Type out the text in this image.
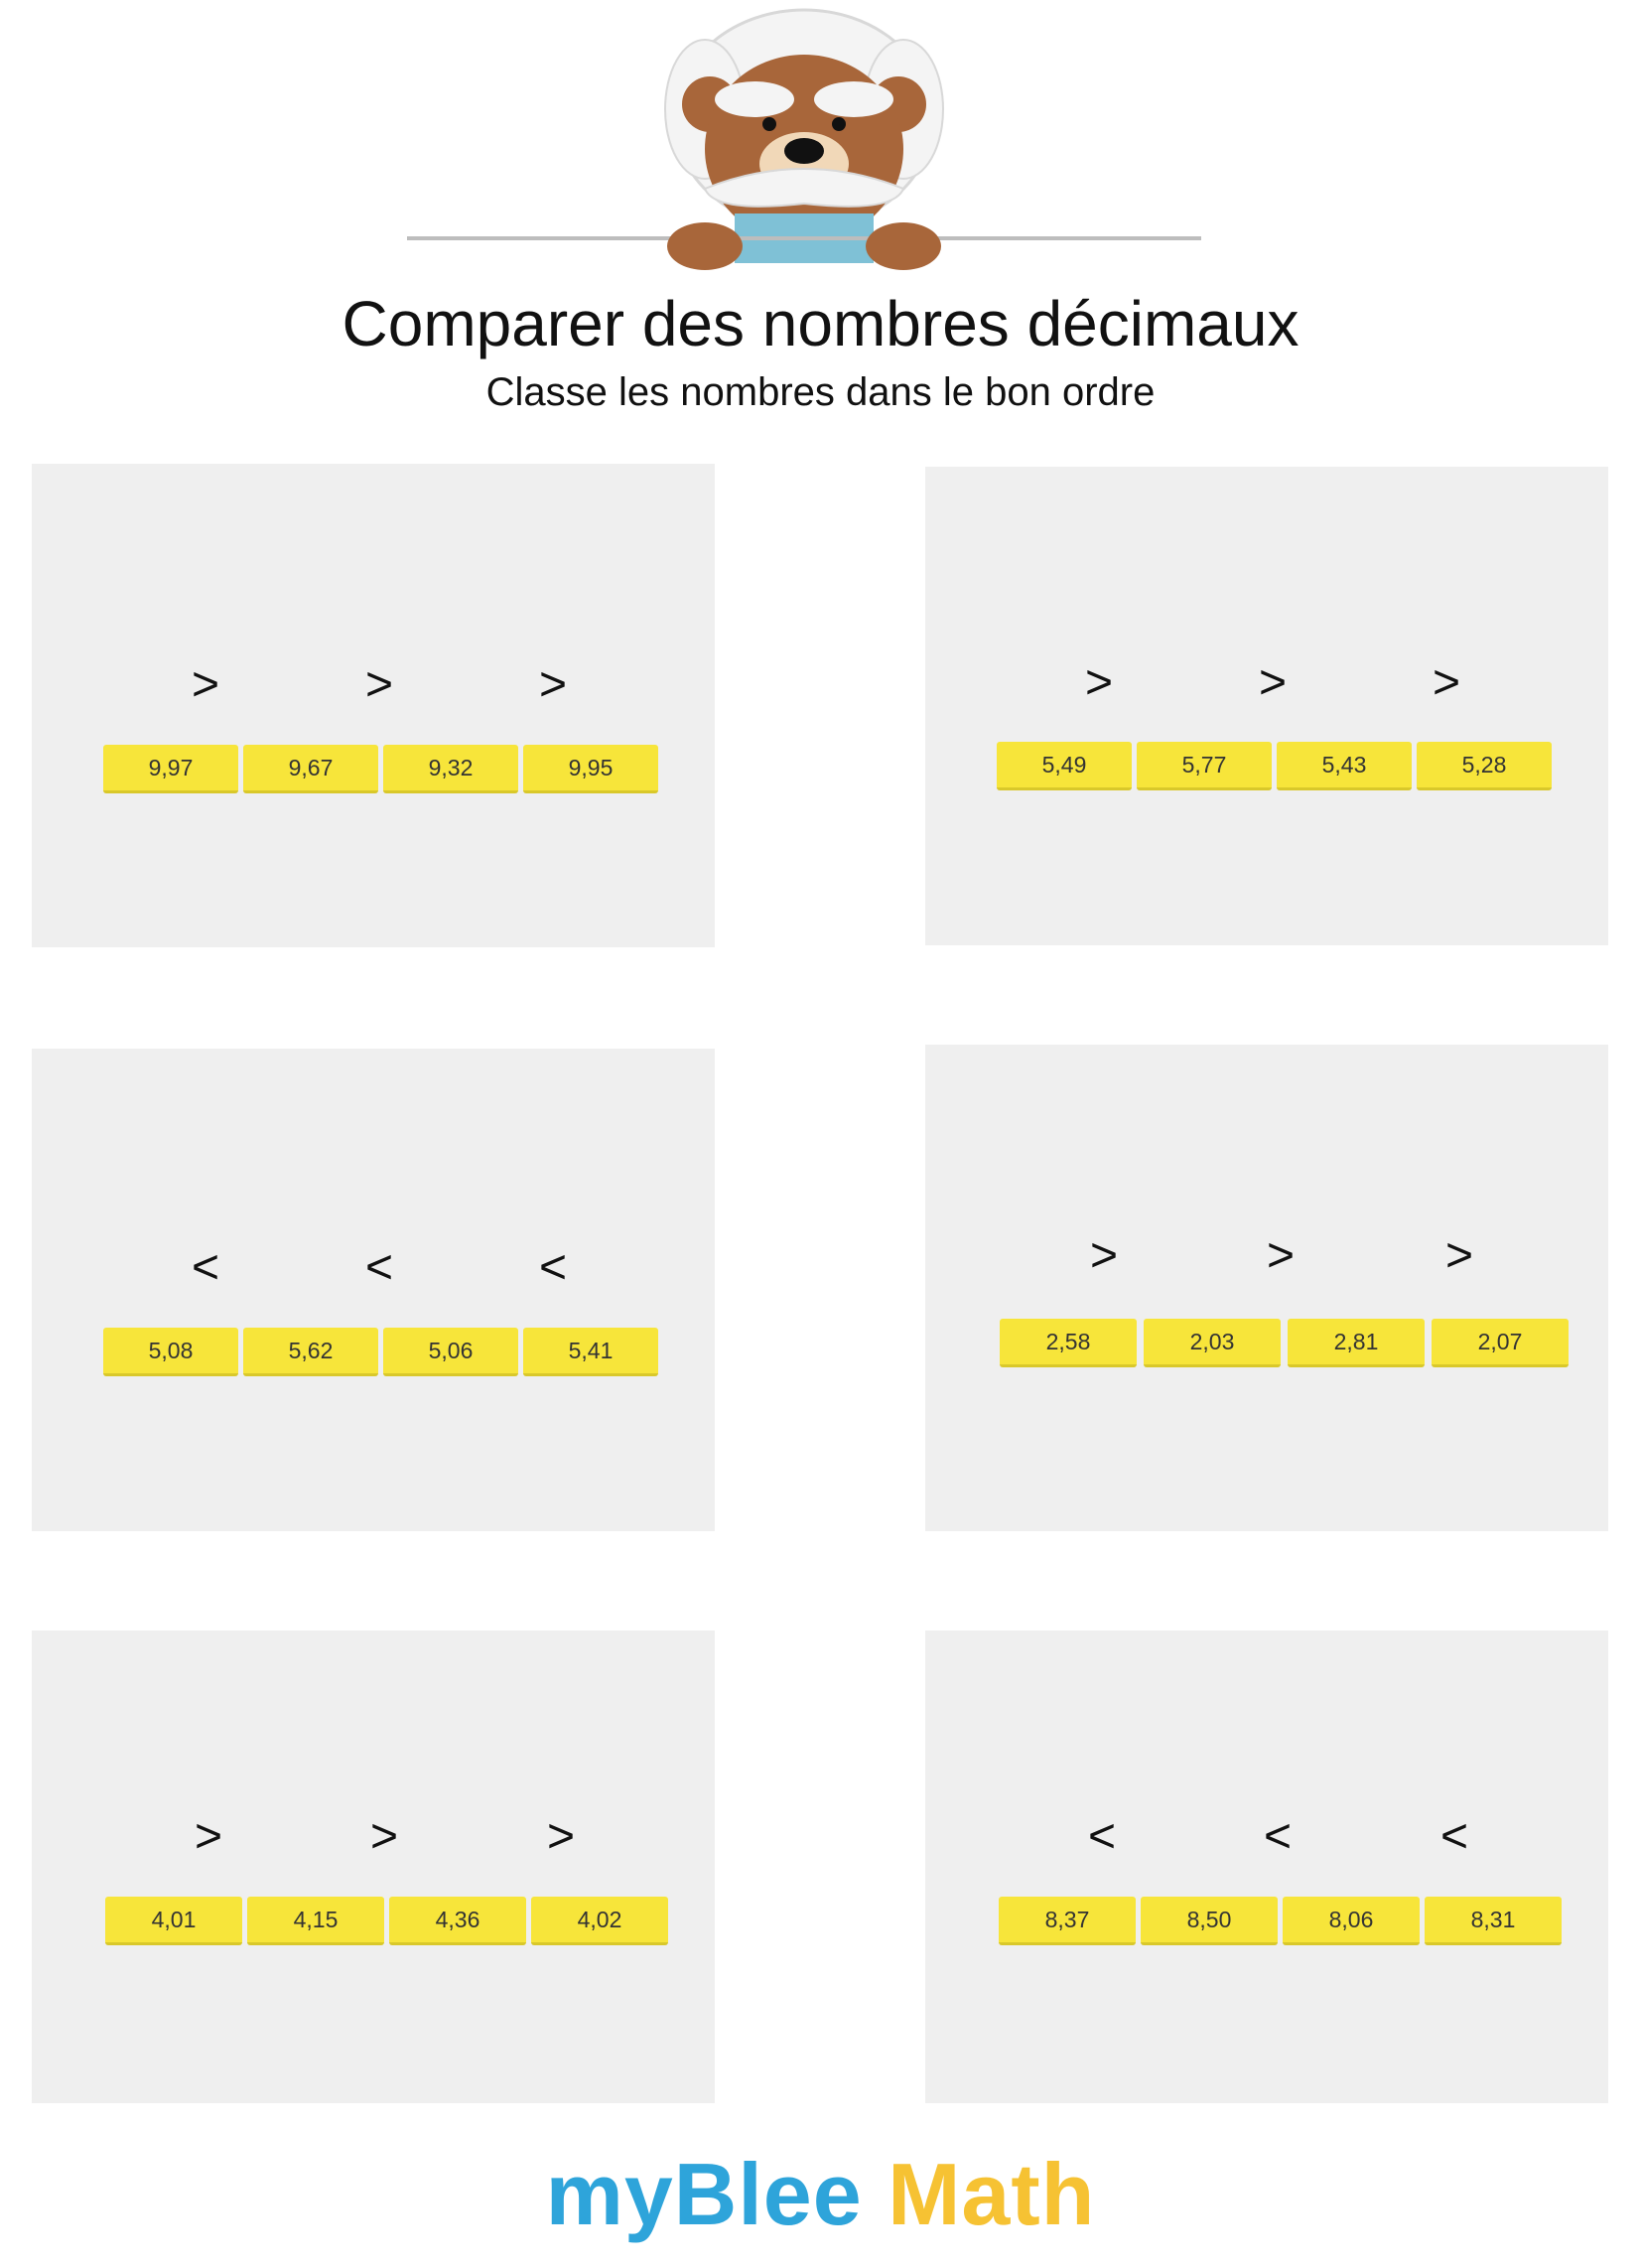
Comparer des nombres décimaux
Classe les nombres dans le bon ordre
>	>	>
9,97	9,67	9,32	9,95
>	>	>
5,49	5,77	5,43	5,28
<	<	<
5,08	5,62	5,06	5,41
>	>	>
2,58	2,03	2,81	2,07
>	>	>
4,01	4,15	4,36	4,02
<	<	<
8,37	8,50	8,06	8,31
myBlee Math
